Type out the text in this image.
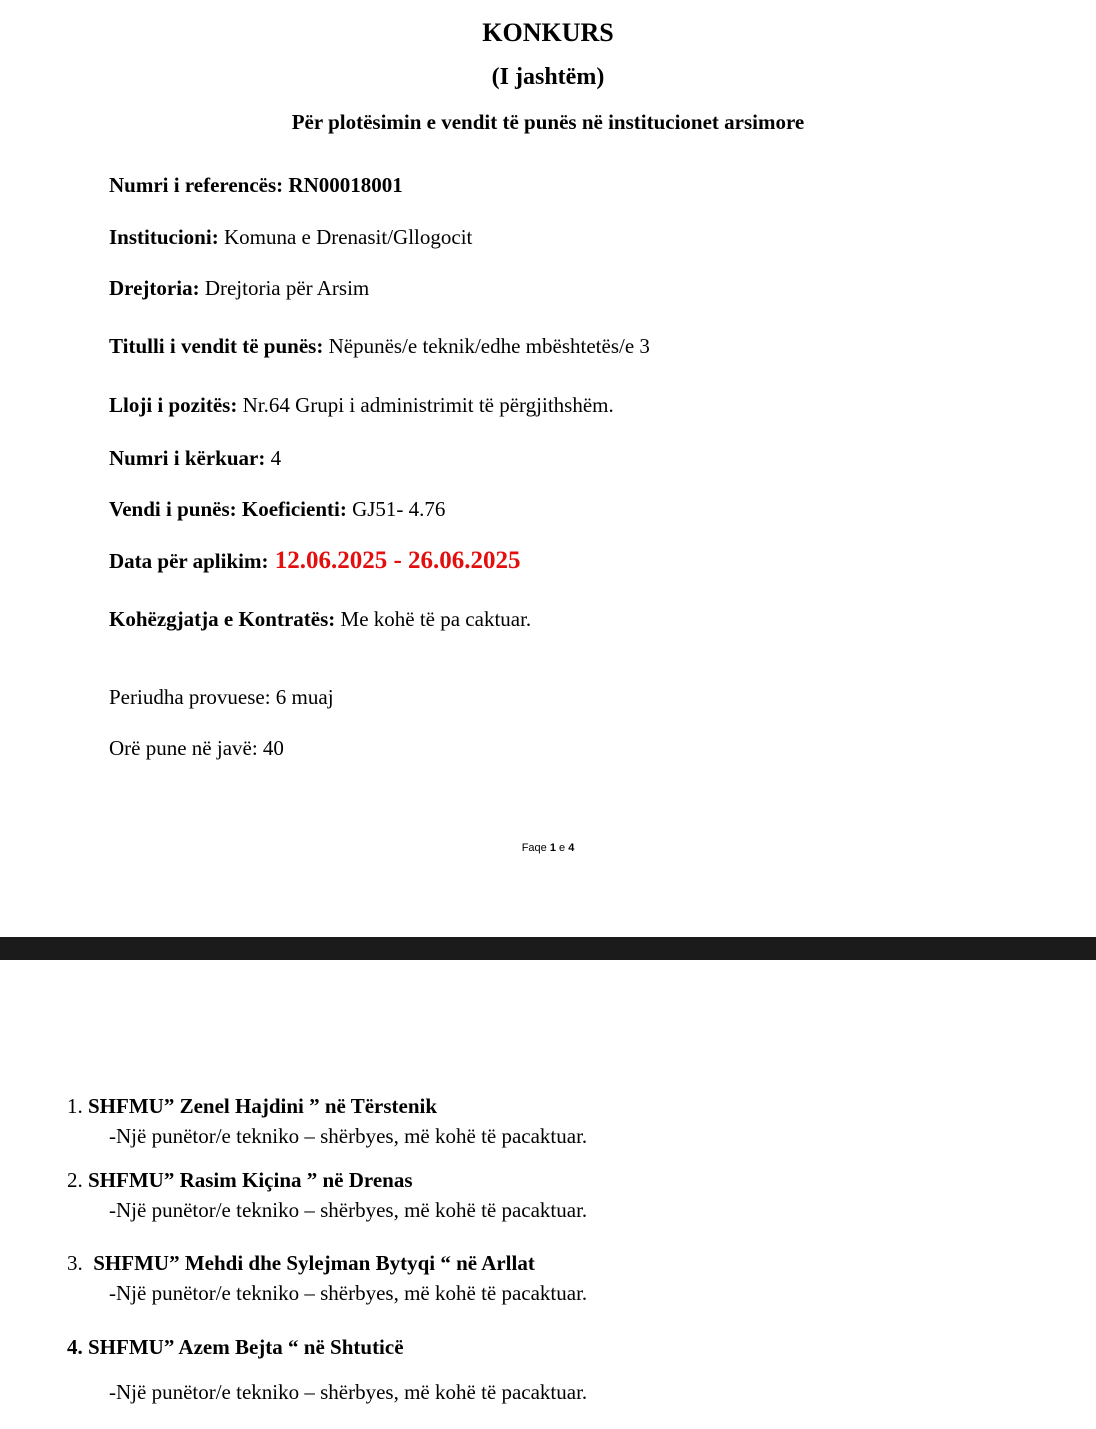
KONKURS
(I jashtëm)
Për plotësimin e vendit të punës në institucionet arsimore
Numri i referencës: RN00018001
Institucioni: Komuna e Drenasit/Gllogocit
Drejtoria: Drejtoria për Arsim
Titulli i vendit të punës: Nëpunës/e teknik/edhe mbështetës/e 3
Lloji i pozitës: Nr.64 Grupi i administrimit të përgjithshëm.
Numri i kërkuar: 4
Vendi i punës: Koeficienti: GJ51- 4.76
Data për aplikim: 12.06.2025 - 26.06.2025
Kohëzgjatja e Kontratës: Me kohë të pa caktuar.
Periudha provuese: 6 muaj
Orë pune në javë: 40
Faqe 1 e 4
1. SHFMU” Zenel Hajdini ” në Tërstenik
-Një punëtor/e tekniko – shërbyes, më kohë të pacaktuar.
2. SHFMU” Rasim Kiçina ” në Drenas
-Një punëtor/e tekniko – shërbyes, më kohë të pacaktuar.
3. SHFMU” Mehdi dhe Sylejman Bytyqi “ në Arllat
-Një punëtor/e tekniko – shërbyes, më kohë të pacaktuar.
4. SHFMU” Azem Bejta “ në Shtuticë
-Një punëtor/e tekniko – shërbyes, më kohë të pacaktuar.
